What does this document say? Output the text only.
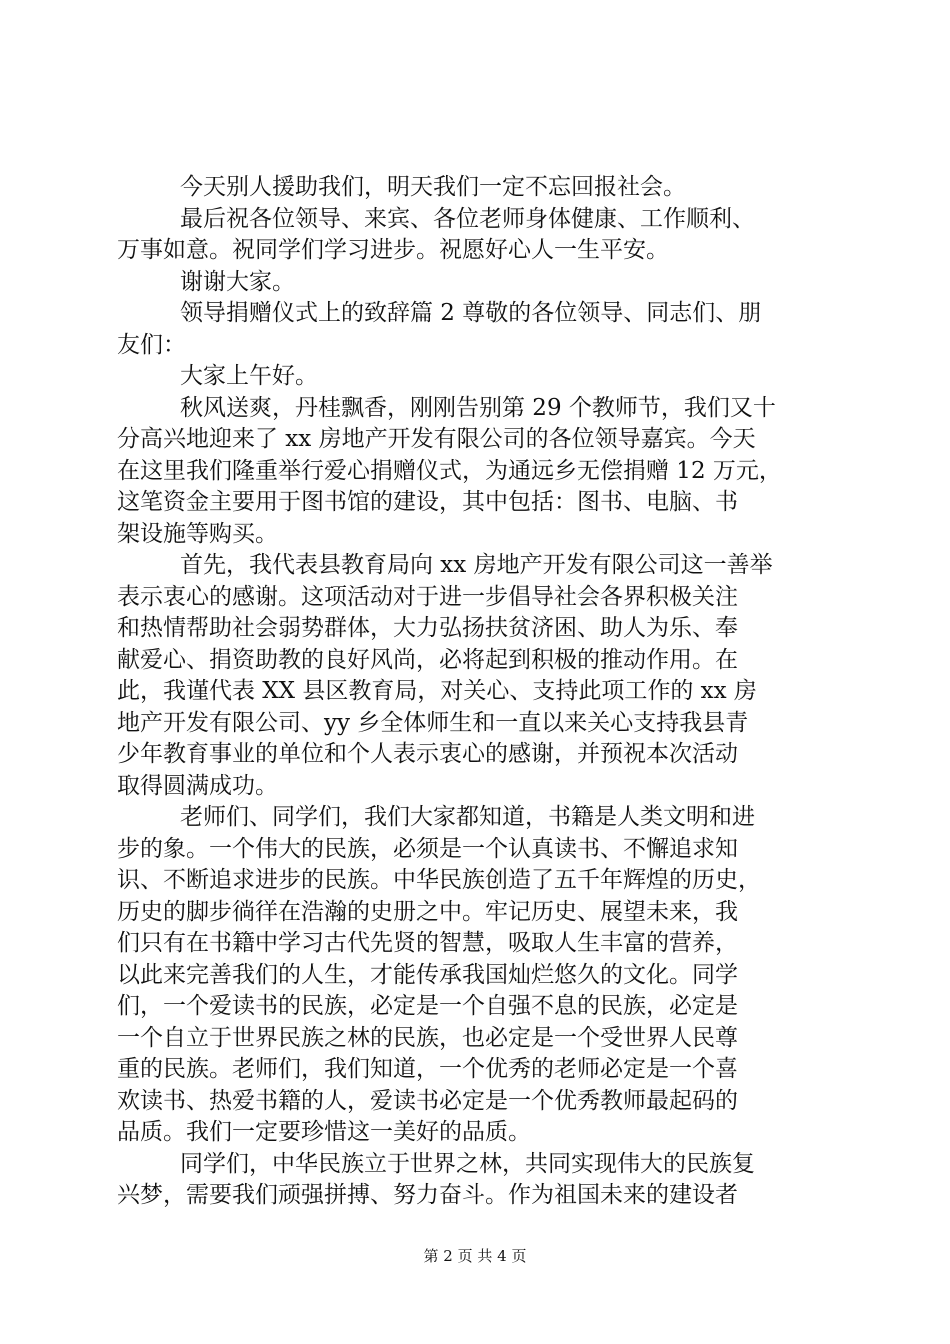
今天别人援助我们，明天我们一定不忘回报社会。
最后祝各位领导、来宾、各位老师身体健康、工作顺利、
万事如意。祝同学们学习进步。祝愿好心人一生平安。
谢谢大家。
领导捐赠仪式上的致辞篇 2 尊敬的各位领导、同志们、朋
友们：
大家上午好。
秋风送爽，丹桂飘香，刚刚告别第 29 个教师节，我们又十
分高兴地迎来了 xx 房地产开发有限公司的各位领导嘉宾。今天
在这里我们隆重举行爱心捐赠仪式，为通远乡无偿捐赠 12 万元，
这笔资金主要用于图书馆的建设，其中包括：图书、电脑、书
架设施等购买。
首先，我代表县教育局向 xx 房地产开发有限公司这一善举
表示衷心的感谢。这项活动对于进一步倡导社会各界积极关注
和热情帮助社会弱势群体，大力弘扬扶贫济困、助人为乐、奉
献爱心、捐资助教的良好风尚，必将起到积极的推动作用。在
此，我谨代表 XX 县区教育局，对关心、支持此项工作的 xx 房
地产开发有限公司、yy 乡全体师生和一直以来关心支持我县青
少年教育事业的单位和个人表示衷心的感谢，并预祝本次活动
取得圆满成功。
老师们、同学们，我们大家都知道，书籍是人类文明和进
步的象。一个伟大的民族，必须是一个认真读书、不懈追求知
识、不断追求进步的民族。中华民族创造了五千年辉煌的历史，
历史的脚步徜徉在浩瀚的史册之中。牢记历史、展望未来，我
们只有在书籍中学习古代先贤的智慧，吸取人生丰富的营养，
以此来完善我们的人生，才能传承我国灿烂悠久的文化。同学
们，一个爱读书的民族，必定是一个自强不息的民族，必定是
一个自立于世界民族之林的民族，也必定是一个受世界人民尊
重的民族。老师们，我们知道，一个优秀的老师必定是一个喜
欢读书、热爱书籍的人，爱读书必定是一个优秀教师最起码的
品质。我们一定要珍惜这一美好的品质。
同学们，中华民族立于世界之林，共同实现伟大的民族复
兴梦，需要我们顽强拼搏、努力奋斗。作为祖国未来的建设者
第 2 页 共 4 页
